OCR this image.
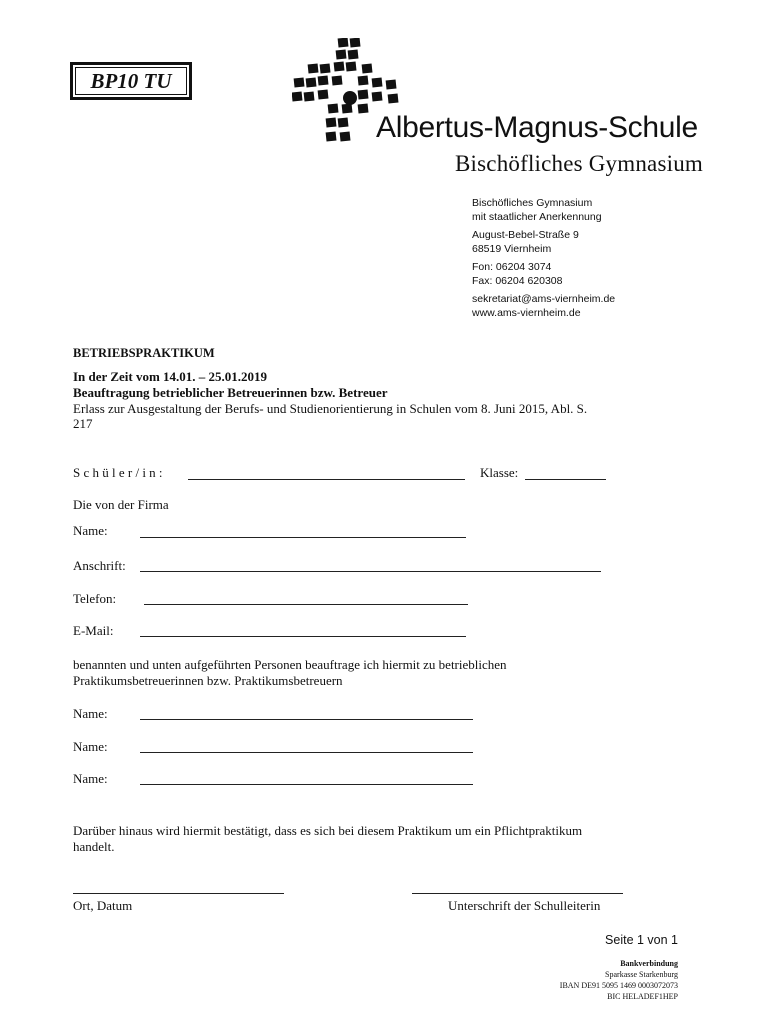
BP10 TU
Albertus-Magnus-Schule
Bischöfliches Gymnasium
Bischöfliches Gymnasium
mit staatlicher Anerkennung
August-Bebel-Straße 9
68519 Viernheim
Fon: 06204 3074
Fax: 06204 620308
sekretariat@ams-viernheim.de
www.ams-viernheim.de
BETRIEBSPRAKTIKUM
In der Zeit vom 14.01. – 25.01.2019
Beauftragung betrieblicher Betreuerinnen bzw. Betreuer
Erlass zur Ausgestaltung der Berufs- und Studienorientierung in Schulen vom 8. Juni 2015, Abl. S.
217
S c h ü l e r / i n :	Klasse:
Die von der Firma
Name:
Anschrift:
Telefon:
E-Mail:
benannten und unten aufgeführten Personen beauftrage ich hiermit zu betrieblichen
Praktikumsbetreuerinnen bzw. Praktikumsbetreuern
Name:
Name:
Name:
Darüber hinaus wird hiermit bestätigt, dass es sich bei diesem Praktikum um ein Pflichtpraktikum
handelt.
Ort, Datum	Unterschrift der Schulleiterin
Seite 1 von 1
Bankverbindung
Sparkasse Starkenburg
IBAN DE91 5095 1469 0003072073
BIC HELADEF1HEP
